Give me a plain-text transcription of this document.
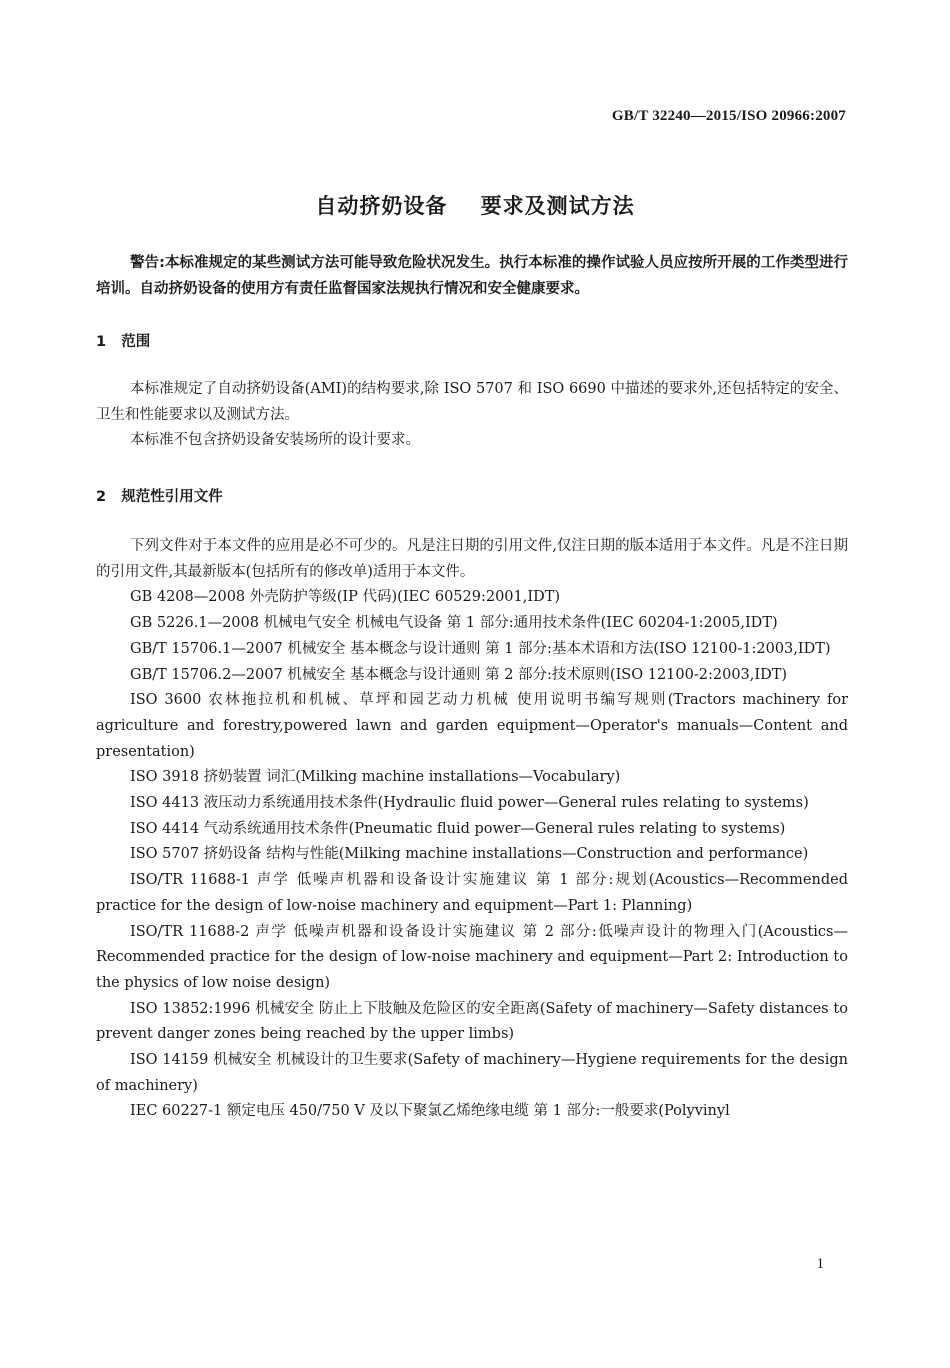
GB/T 32240—2015/ISO 20966:2007
自动挤奶设备    要求及测试方法
警告:本标准规定的某些测试方法可能导致危险状况发生。执行本标准的操作试验人员应按所开展的工作类型进行培训。自动挤奶设备的使用方有责任监督国家法规执行情况和安全健康要求。
1   范围

本标准规定了自动挤奶设备(AMI)的结构要求,除 ISO 5707 和 ISO 6690 中描述的要求外,还包括特定的安全、卫生和性能要求以及测试方法。

本标准不包含挤奶设备安装场所的设计要求。

2   规范性引用文件

下列文件对于本文件的应用是必不可少的。凡是注日期的引用文件,仅注日期的版本适用于本文件。凡是不注日期的引用文件,其最新版本(包括所有的修改单)适用于本文件。

GB 4208—2008 外壳防护等级(IP 代码)(IEC 60529:2001,IDT)

GB 5226.1—2008 机械电气安全 机械电气设备 第 1 部分:通用技术条件(IEC 60204-1:2005,IDT)

GB/T 15706.1—2007 机械安全 基本概念与设计通则 第 1 部分:基本术语和方法(ISO 12100-1:2003,IDT)

GB/T 15706.2—2007 机械安全 基本概念与设计通则 第 2 部分:技术原则(ISO 12100-2:2003,IDT)

ISO 3600 农林拖拉机和机械、草坪和园艺动力机械 使用说明书编写规则(Tractors machinery for agriculture and forestry,powered lawn and garden equipment—Operator's manuals—Content and presentation)

ISO 3918 挤奶装置 词汇(Milking machine installations—Vocabulary)

ISO 4413 液压动力系统通用技术条件(Hydraulic fluid power—General rules relating to systems)

ISO 4414 气动系统通用技术条件(Pneumatic fluid power—General rules relating to systems)

ISO 5707 挤奶设备 结构与性能(Milking machine installations—Construction and performance)

ISO/TR 11688-1 声学 低噪声机器和设备设计实施建议 第 1 部分:规划(Acoustics—Recommended practice for the design of low-noise machinery and equipment—Part 1: Planning)

ISO/TR 11688-2 声学 低噪声机器和设备设计实施建议 第 2 部分:低噪声设计的物理入门(Acoustics—Recommended practice for the design of low-noise machinery and equipment—Part 2: Introduction to the physics of low noise design)

ISO 13852:1996 机械安全 防止上下肢触及危险区的安全距离(Safety of machinery—Safety distances to prevent danger zones being reached by the upper limbs)

ISO 14159 机械安全 机械设计的卫生要求(Safety of machinery—Hygiene requirements for the design of machinery)

IEC 60227-1 额定电压 450/750 V 及以下聚氯乙烯绝缘电缆 第 1 部分:一般要求(Polyvinyl

1
